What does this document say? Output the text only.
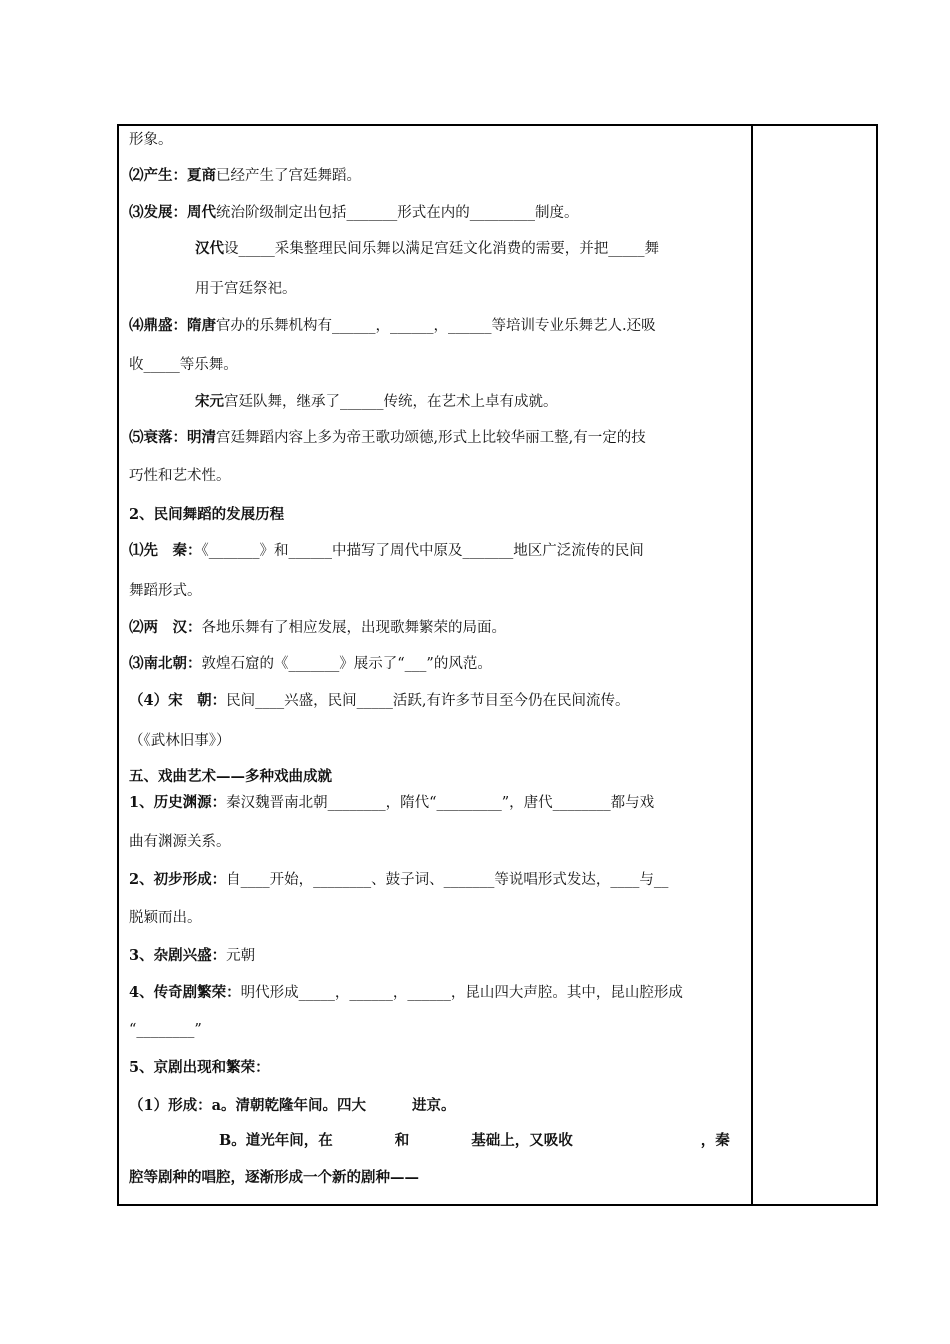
形象。
⑵产生：夏商已经产生了宫廷舞蹈。
⑶发展：周代统治阶级制定出包括_______形式在内的_________制度。
汉代设_____采集整理民间乐舞以满足宫廷文化消费的需要，并把_____舞
用于宫廷祭祀。
⑷鼎盛：隋唐官办的乐舞机构有______，______，______等培训专业乐舞艺人.还吸
收_____等乐舞。
宋元宫廷队舞，继承了______传统，在艺术上卓有成就。
⑸衰落：明清宫廷舞蹈内容上多为帝王歌功颂德,形式上比较华丽工整,有一定的技
巧性和艺术性。
2、民间舞蹈的发展历程
⑴先　秦：《_______》和______中描写了周代中原及_______地区广泛流传的民间
舞蹈形式。
⑵两　汉：各地乐舞有了相应发展，出现歌舞繁荣的局面。
⑶南北朝：敦煌石窟的《_______》展示了“___”的风范。
（4）宋　朝：民间____兴盛，民间_____活跃,有许多节目至今仍在民间流传。
（《武林旧事》）
五、戏曲艺术——多种戏曲成就
1、历史渊源：秦汉魏晋南北朝________，隋代“_________”，唐代________都与戏
曲有渊源关系。
2、初步形成：自____开始，________、鼓子词、_______等说唱形式发达，____与__
脱颖而出。
3、杂剧兴盛：元朝
4、传奇剧繁荣：明代形成_____，______，______，昆山四大声腔。其中，昆山腔形成
“________”
5、京剧出现和繁荣：
（1）形成：a。清朝乾隆年间。四大	进京。
B。道光年间，在	和	基础上，又吸收	，秦
腔等剧种的唱腔，逐渐形成一个新的剧种——
